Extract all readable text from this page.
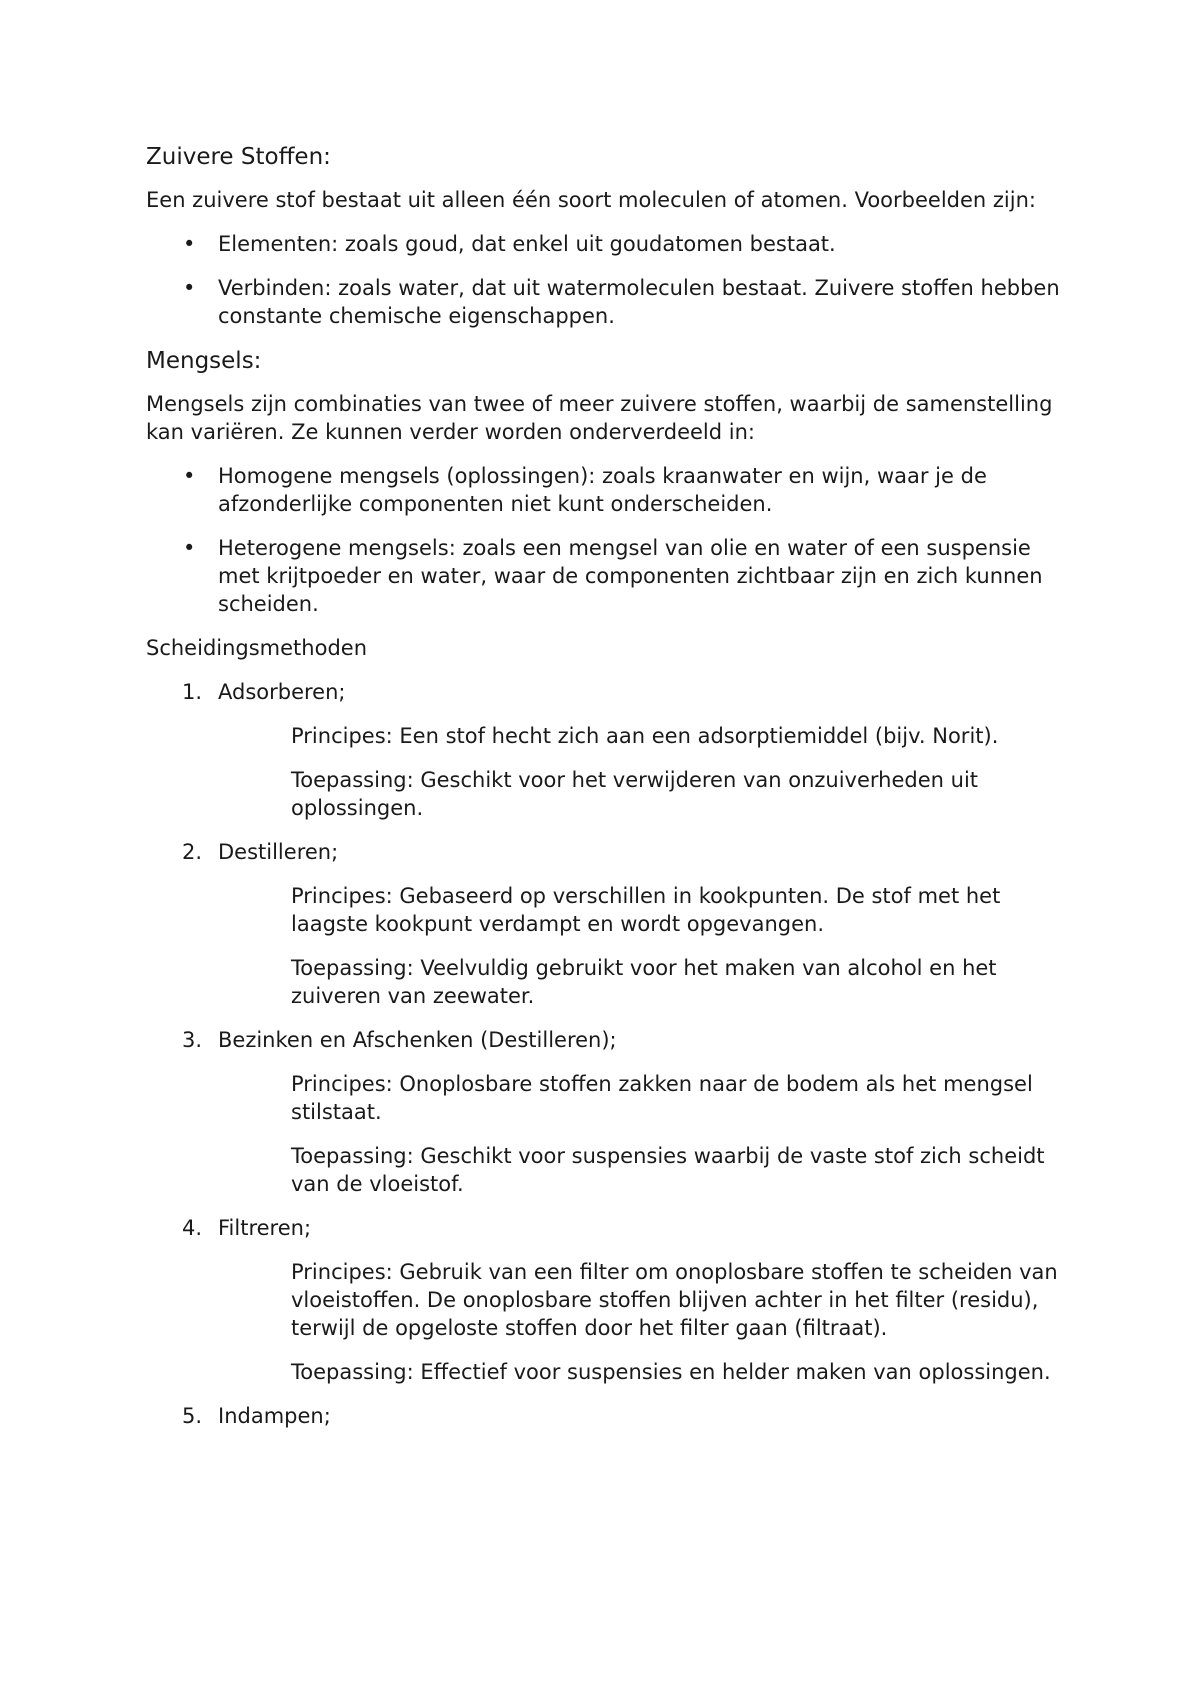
Zuivere Stoffen:

Een zuivere stof bestaat uit alleen één soort moleculen of atomen. Voorbeelden zijn:

• Elementen: zoals goud, dat enkel uit goudatomen bestaat.
• Verbinden: zoals water, dat uit watermoleculen bestaat. Zuivere stoffen hebben constante chemische eigenschappen.
Mengsels:

Mengsels zijn combinaties van twee of meer zuivere stoffen, waarbij de samenstelling kan variëren. Ze kunnen verder worden onderverdeeld in:

• Homogene mengsels (oplossingen): zoals kraanwater en wijn, waar je de afzonderlijke componenten niet kunt onderscheiden.
• Heterogene mengsels: zoals een mengsel van olie en water of een suspensie met krijtpoeder en water, waar de componenten zichtbaar zijn en zich kunnen scheiden.

Scheidingsmethoden

1. Adsorberen;

Principes: Een stof hecht zich aan een adsorptiemiddel (bijv. Norit).

Toepassing: Geschikt voor het verwijderen van onzuiverheden uit oplossingen.

2. Destilleren;

Principes: Gebaseerd op verschillen in kookpunten. De stof met het laagste kookpunt verdampt en wordt opgevangen.

Toepassing: Veelvuldig gebruikt voor het maken van alcohol en het zuiveren van zeewater.

3. Bezinken en Afschenken (Destilleren);

Principes: Onoplosbare stoffen zakken naar de bodem als het mengsel stilstaat.

Toepassing: Geschikt voor suspensies waarbij de vaste stof zich scheidt van de vloeistof.

4. Filtreren;

Principes: Gebruik van een filter om onoplosbare stoffen te scheiden van vloeistoffen. De onoplosbare stoffen blijven achter in het filter (residu), terwijl de opgeloste stoffen door het filter gaan (filtraat).

Toepassing: Effectief voor suspensies en helder maken van oplossingen.

5. Indampen;
